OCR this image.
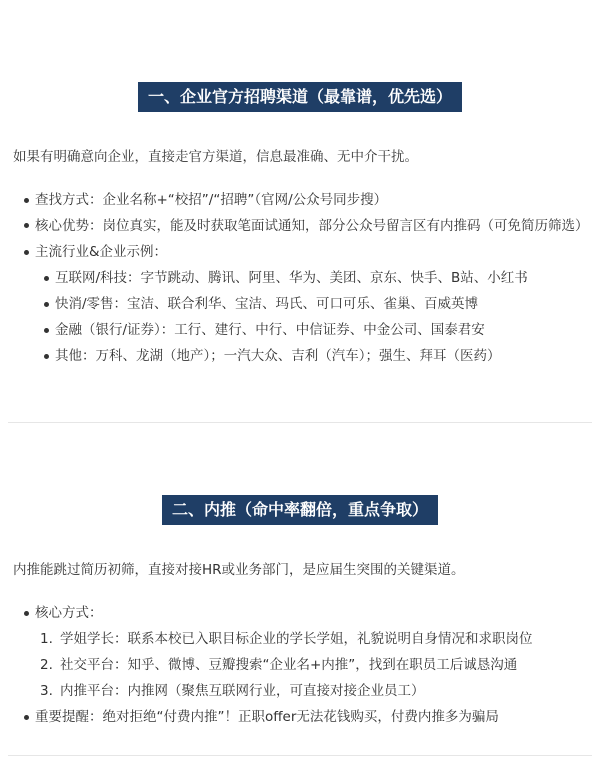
一、企业官方招聘渠道（最靠谱，优先选）
如果有明确意向企业，直接走官方渠道，信息最准确、无中介干扰。
查找方式：企业名称+“校招”/“招聘”（官网/公众号同步搜）
核心优势：岗位真实，能及时获取笔面试通知，部分公众号留言区有内推码（可免简历筛选）
主流行业&企业示例：
互联网/科技：字节跳动、腾讯、阿里、华为、美团、京东、快手、B站、小红书
快消/零售：宝洁、联合利华、宝洁、玛氏、可口可乐、雀巢、百威英博
金融（银行/证券）：工行、建行、中行、中信证券、中金公司、国泰君安
其他：万科、龙湖（地产）；一汽大众、吉利（汽车）；强生、拜耳（医药）
二、内推（命中率翻倍，重点争取）
内推能跳过简历初筛，直接对接HR或业务部门，是应届生突围的关键渠道。
核心方式：
1. 学姐学长：联系本校已入职目标企业的学长学姐，礼貌说明自身情况和求职岗位
2. 社交平台：知乎、微博、豆瓣搜索“企业名+内推”，找到在职员工后诚恳沟通
3. 内推平台：内推网（聚焦互联网行业，可直接对接企业员工）
重要提醒：绝对拒绝“付费内推”！正职offer无法花钱购买，付费内推多为骗局
